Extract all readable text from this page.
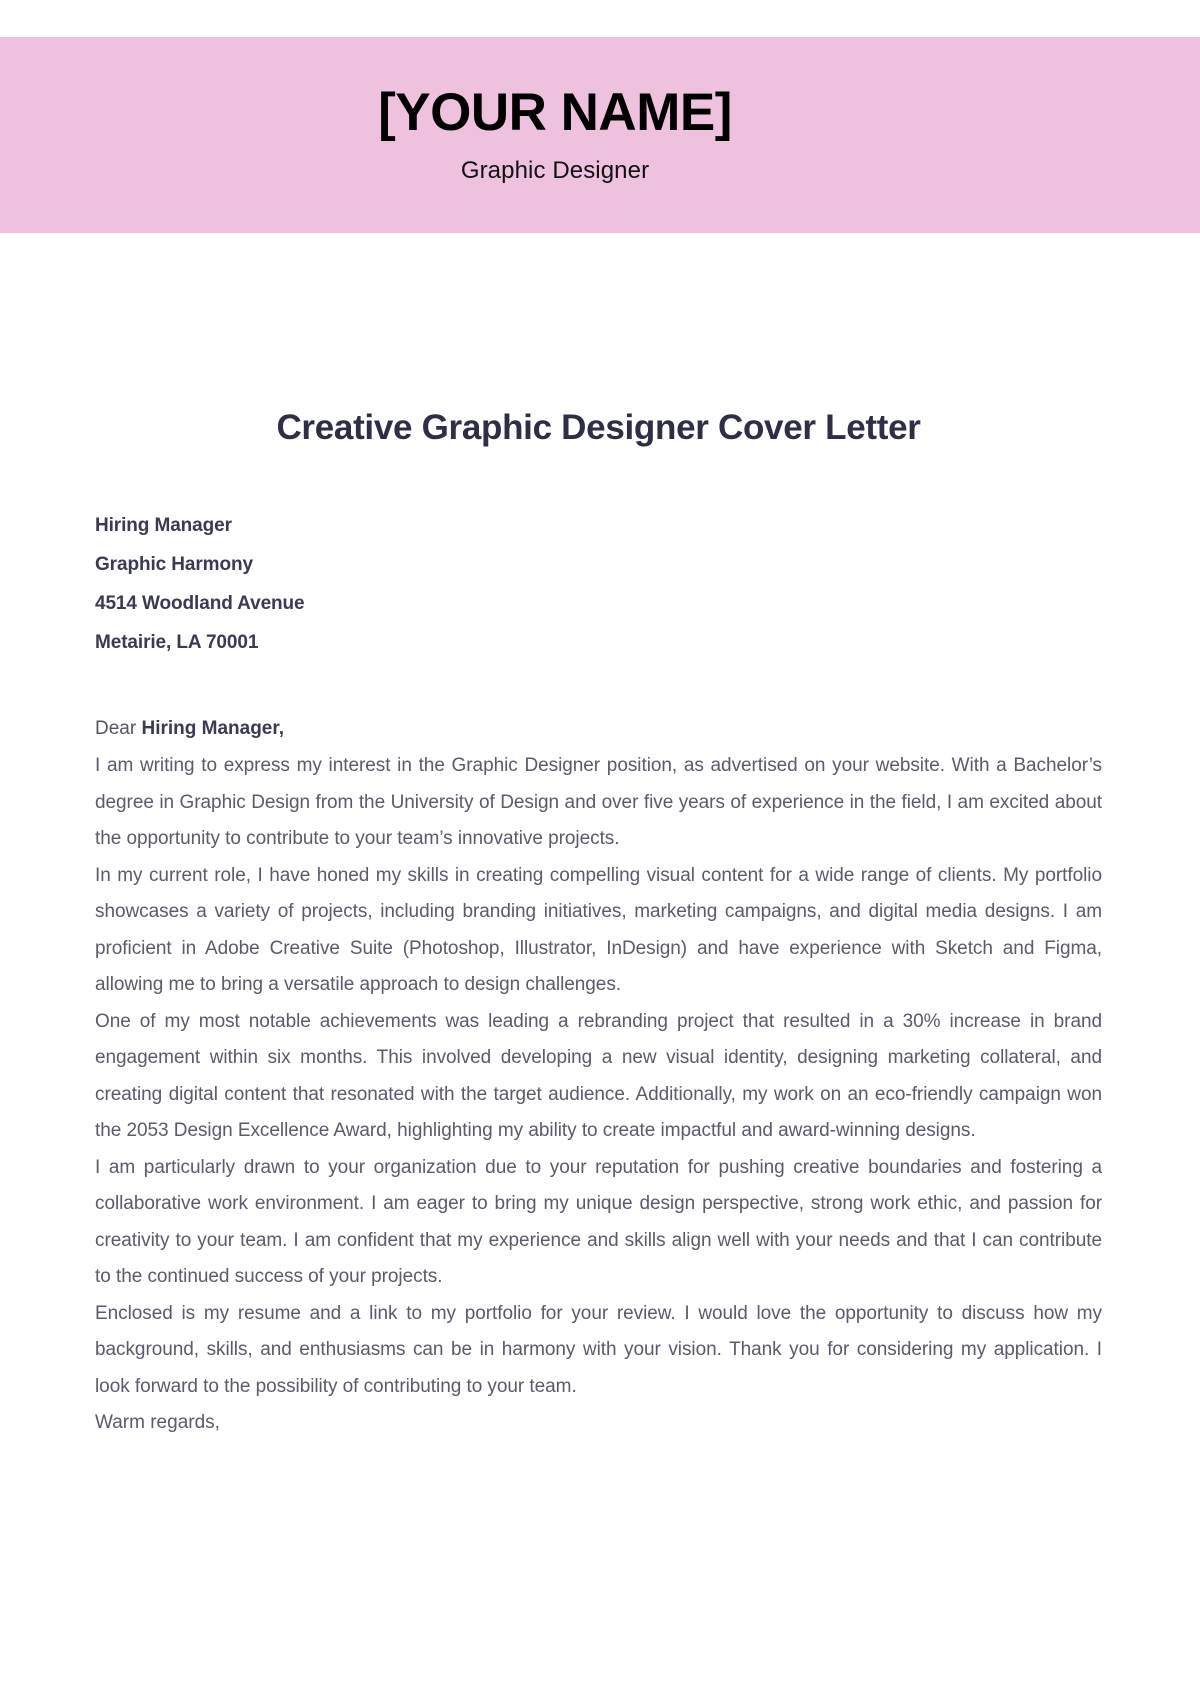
[YOUR NAME]
Graphic Designer
Creative Graphic Designer Cover Letter
Hiring Manager
Graphic Harmony
4514 Woodland Avenue
Metairie, LA 70001

Dear Hiring Manager,

I am writing to express my interest in the Graphic Designer position, as advertised on your website. With a Bachelor’s degree in Graphic Design from the University of Design and over five years of experience in the field, I am excited about the opportunity to contribute to your team’s innovative projects.

In my current role, I have honed my skills in creating compelling visual content for a wide range of clients. My portfolio showcases a variety of projects, including branding initiatives, marketing campaigns, and digital media designs. I am proficient in Adobe Creative Suite (Photoshop, Illustrator, InDesign) and have experience with Sketch and Figma, allowing me to bring a versatile approach to design challenges.

One of my most notable achievements was leading a rebranding project that resulted in a 30% increase in brand engagement within six months. This involved developing a new visual identity, designing marketing collateral, and creating digital content that resonated with the target audience. Additionally, my work on an eco-friendly campaign won the 2053 Design Excellence Award, highlighting my ability to create impactful and award-winning designs.

I am particularly drawn to your organization due to your reputation for pushing creative boundaries and fostering a collaborative work environment. I am eager to bring my unique design perspective, strong work ethic, and passion for creativity to your team. I am confident that my experience and skills align well with your needs and that I can contribute to the continued success of your projects.

Enclosed is my resume and a link to my portfolio for your review. I would love the opportunity to discuss how my background, skills, and enthusiasms can be in harmony with your vision. Thank you for considering my application. I look forward to the possibility of contributing to your team.

Warm regards,
